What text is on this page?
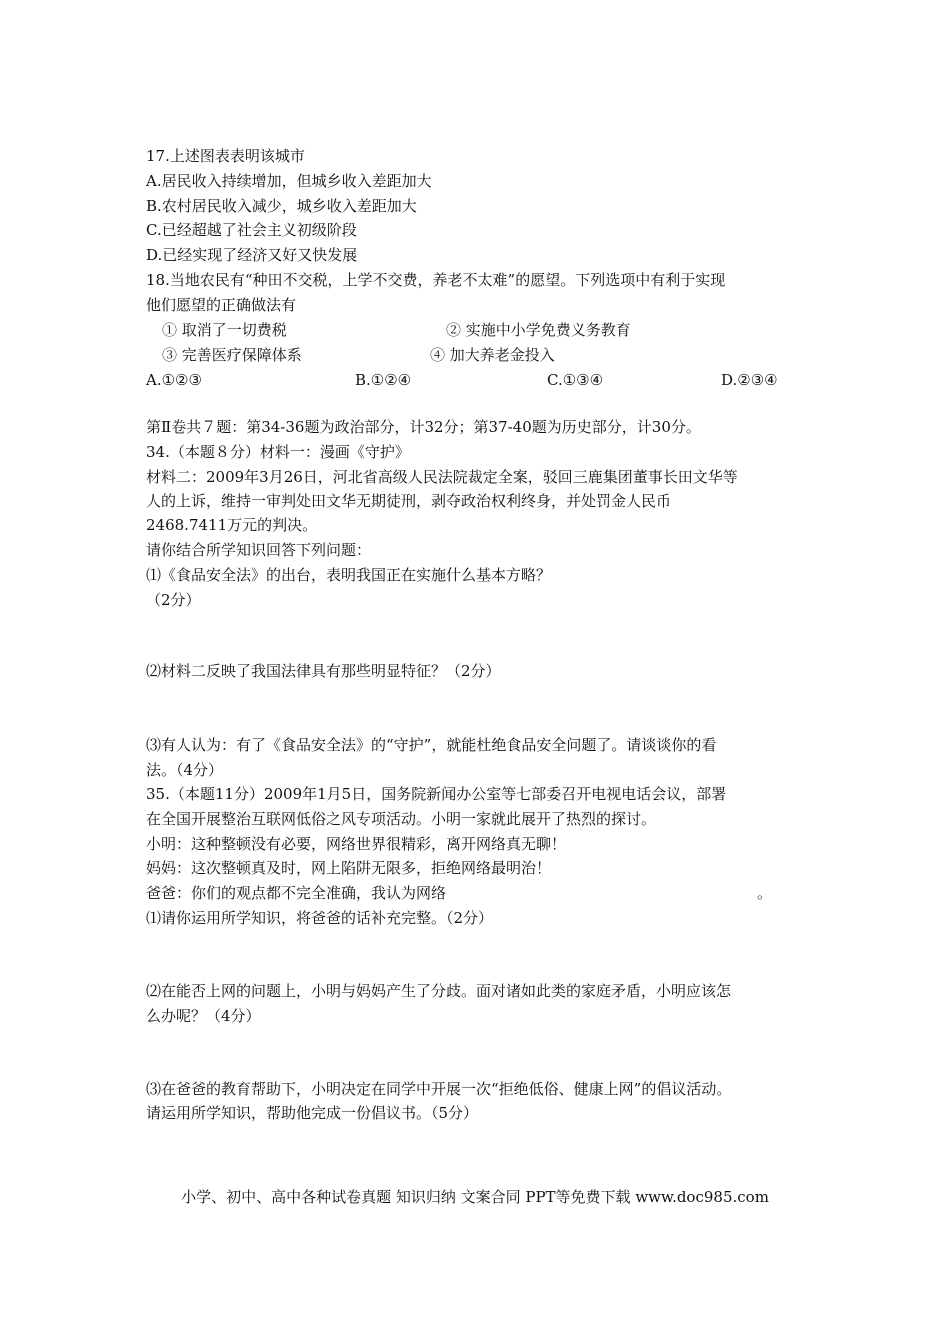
17.上述图表表明该城市
A.居民收入持续增加，但城乡收入差距加大
B.农村居民收入减少，城乡收入差距加大
C.已经超越了社会主义初级阶段
D.已经实现了经济又好又快发展
18.当地农民有“种田不交税，上学不交费，养老不太难”的愿望。下列选项中有利于实现
他们愿望的正确做法有
① 取消了一切费税	② 实施中小学免费义务教育
③ 完善医疗保障体系	④ 加大养老金投入
A.①②③	B.①②④	C.①③④	D.②③④
第Ⅱ卷共７题：第34-36题为政治部分，计32分；第37-40题为历史部分，计30分。
34.（本题８分）材料一：漫画《守护》
材料二：2009年3月26日，河北省高级人民法院裁定全案，驳回三鹿集团董事长田文华等
人的上诉，维持一审判处田文华无期徒刑，剥夺政治权利终身，并处罚金人民币
2468.7411万元的判决。
请你结合所学知识回答下列问题：
⑴《食品安全法》的出台，表明我国正在实施什么基本方略？
（2分）
⑵材料二反映了我国法律具有那些明显特征？（2分）
⑶有人认为：有了《食品安全法》的“守护”，就能杜绝食品安全问题了。请谈谈你的看
法。（4分）
35.（本题11分）2009年1月5日，国务院新闻办公室等七部委召开电视电话会议，部署
在全国开展整治互联网低俗之风专项活动。小明一家就此展开了热烈的探讨。
小明：这种整顿没有必要，网络世界很精彩，离开网络真无聊！
妈妈：这次整顿真及时，网上陷阱无限多，拒绝网络最明治！
爸爸：你们的观点都不完全准确，我认为网络	。
⑴请你运用所学知识，将爸爸的话补充完整。（2分）
⑵在能否上网的问题上，小明与妈妈产生了分歧。面对诸如此类的家庭矛盾，小明应该怎
么办呢？（4分）
⑶在爸爸的教育帮助下，小明决定在同学中开展一次“拒绝低俗、健康上网”的倡议活动。
请运用所学知识，帮助他完成一份倡议书。（5分）
小学、初中、高中各种试卷真题 知识归纳 文案合同 PPT等免费下载 www.doc985.com
